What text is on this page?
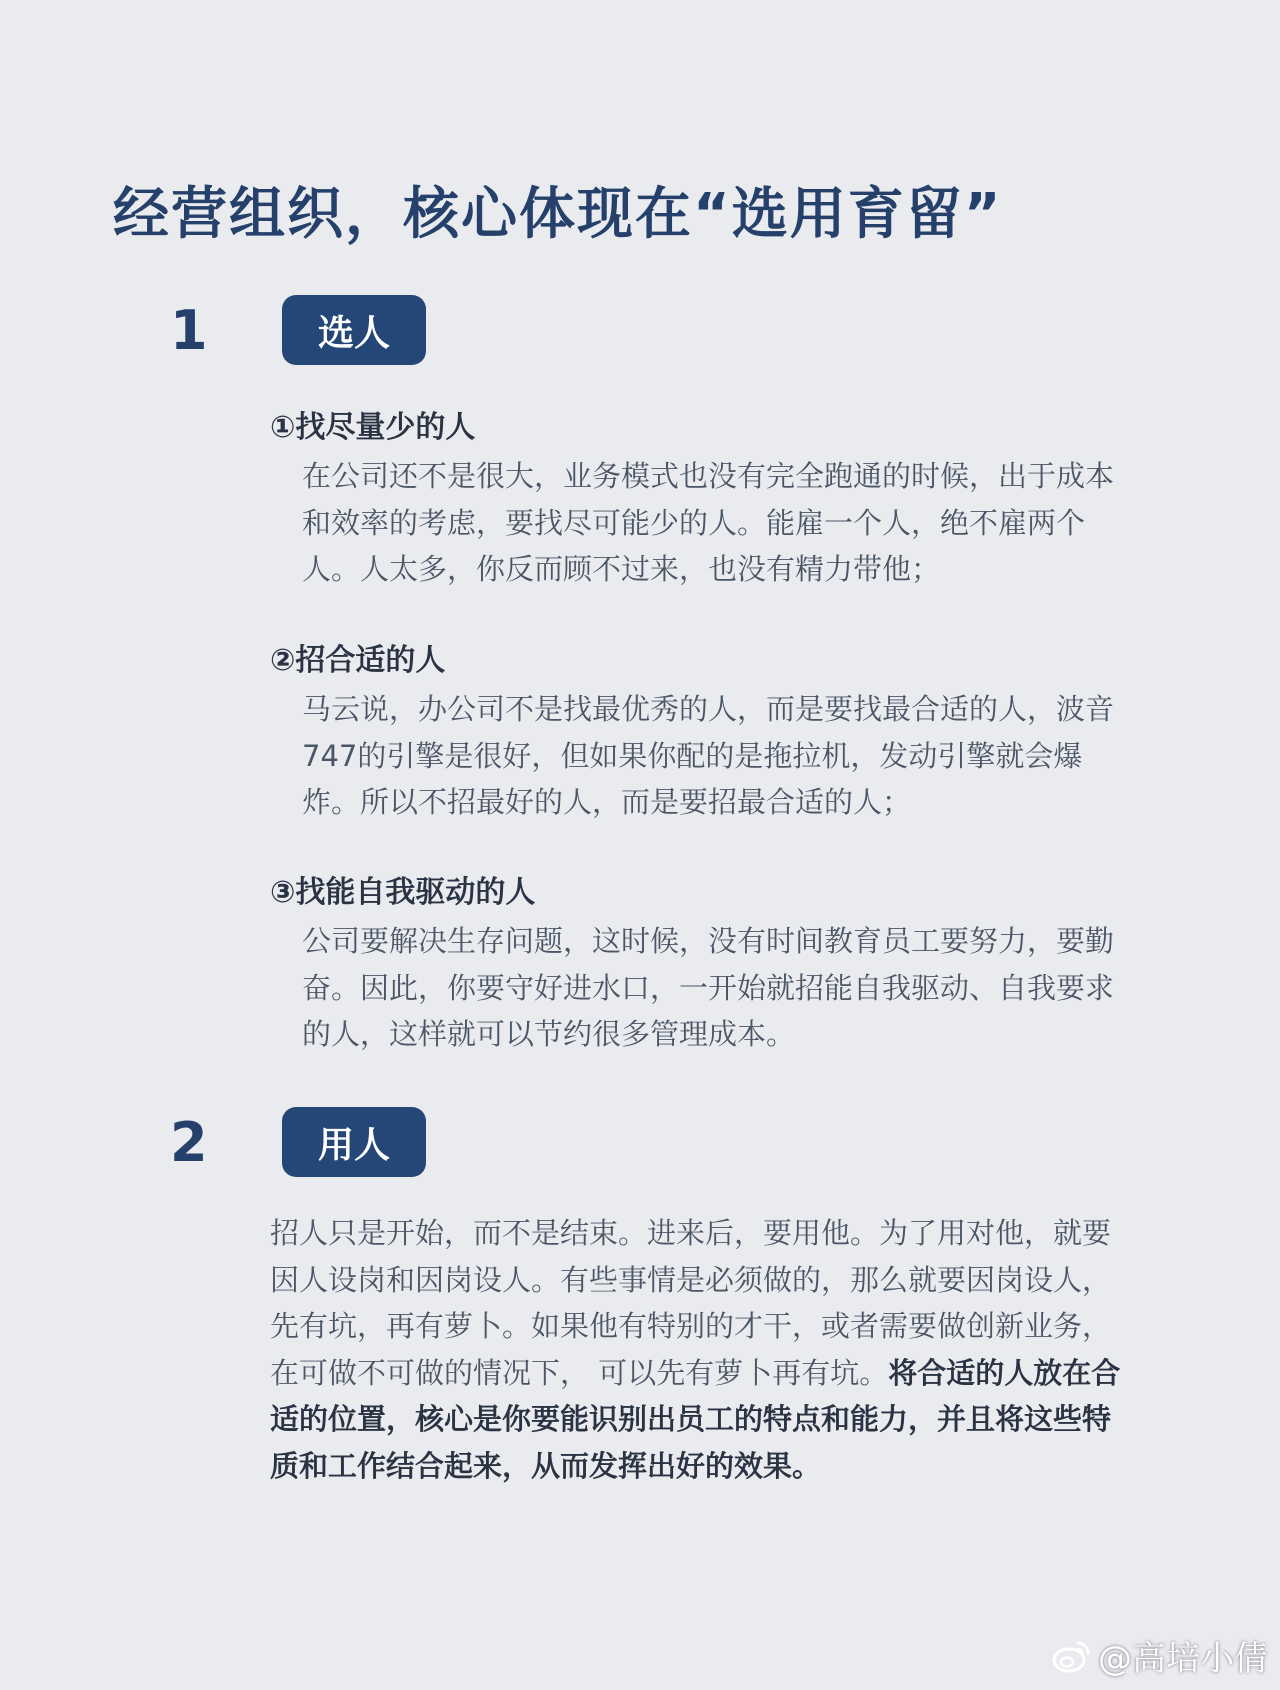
经营组织，核心体现在“选用育留”
1	选人
①找尽量少的人
在公司还不是很大，业务模式也没有完全跑通的时候，出于成本和效率的考虑，要找尽可能少的人。能雇一个人，绝不雇两个人。人太多，你反而顾不过来，也没有精力带他；
②招合适的人
马云说，办公司不是找最优秀的人，而是要找最合适的人，波音747的引擎是很好，但如果你配的是拖拉机，发动引擎就会爆炸。所以不招最好的人，而是要招最合适的人；
③找能自我驱动的人
公司要解决生存问题，这时候，没有时间教育员工要努力，要勤奋。因此，你要守好进水口，一开始就招能自我驱动、自我要求的人，这样就可以节约很多管理成本。
2	用人
招人只是开始，而不是结束。进来后，要用他。为了用对他，就要因人设岗和因岗设人。有些事情是必须做的，那么就要因岗设人，先有坑，再有萝卜。如果他有特别的才干，或者需要做创新业务，在可做不可做的情况下， 可以先有萝卜再有坑。将合适的人放在合适的位置，核心是你要能识别出员工的特点和能力，并且将这些特质和工作结合起来，从而发挥出好的效果。
@高培小倩
